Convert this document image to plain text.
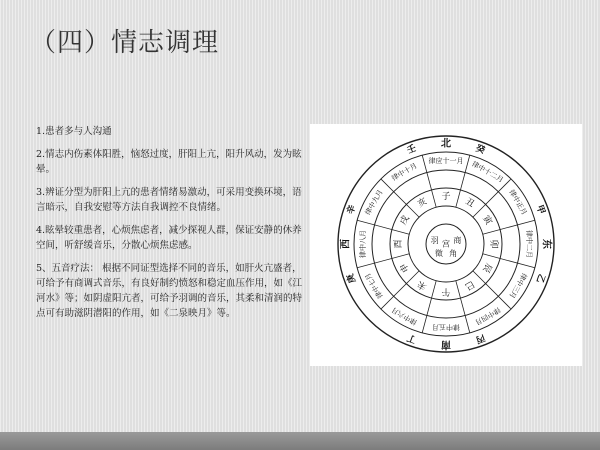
（四）情志调理

1.患者多与人沟通

2.情志内伤素体阳胜，恼怒过度，肝阳上亢，阳升风动，发为眩晕。

3.辨证分型为肝阳上亢的患者情绪易激动，可采用变换环境，语言暗示，自我安慰等方法自我调控不良情绪。

4.眩晕较重患者，心烦焦虑者，减少探视人群，保证安静的休养空间，听舒缓音乐，分散心烦焦虑感。

5、五音疗法： 根据不同证型选择不同的音乐，如肝火亢盛者，可给予有商调式音乐，有良好制约愤怒和稳定血压作用，如《江河水》等；如阴虚阳亢者，可给予羽调的音乐，其柔和清润的特点可有助滋阴潜阳的作用，如《二泉映月》等。

律应十一月 律中十二月
律中正月
律中二月
律中三月
律中四月
律中五月
律中六月
律中七月
律中八月
律中九月
律中十月
子 丑
寅
卯
辰
巳
午
未
申
酉
戌
亥
壬	癸
甲
乙
丙
丁
庚
辛
北
南
东
西	宫 商
角
徵
羽
